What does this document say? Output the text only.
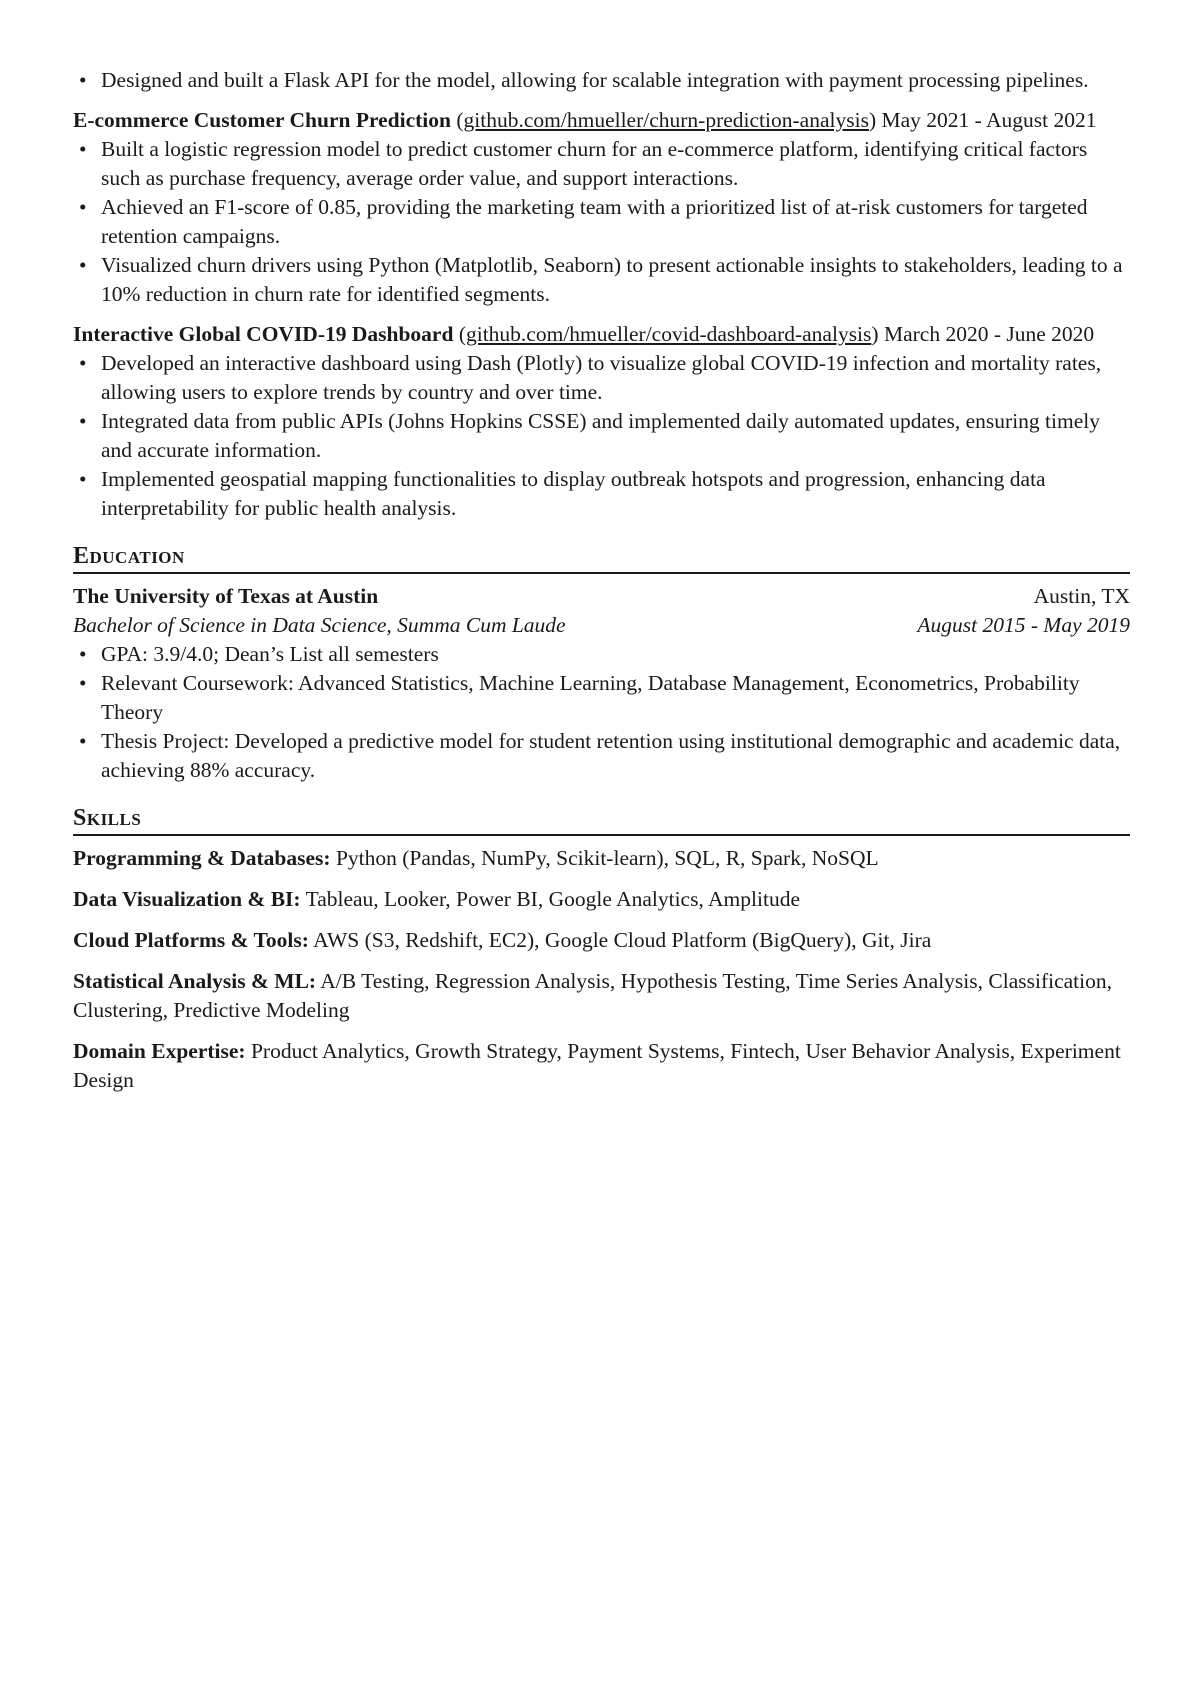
• Designed and built a Flask API for the model, allowing for scalable integration with payment processing pipelines.
E-commerce Customer Churn Prediction (github.com/hmueller/churn-prediction-analysis) May 2021 - August 2021
• Built a logistic regression model to predict customer churn for an e-commerce platform, identifying critical factors such as purchase frequency, average order value, and support interactions.
• Achieved an F1-score of 0.85, providing the marketing team with a prioritized list of at-risk customers for targeted retention campaigns.
• Visualized churn drivers using Python (Matplotlib, Seaborn) to present actionable insights to stakeholders, leading to a 10% reduction in churn rate for identified segments.
Interactive Global COVID-19 Dashboard (github.com/hmueller/covid-dashboard-analysis) March 2020 - June 2020
• Developed an interactive dashboard using Dash (Plotly) to visualize global COVID-19 infection and mortality rates, allowing users to explore trends by country and over time.
• Integrated data from public APIs (Johns Hopkins CSSE) and implemented daily automated updates, ensuring timely and accurate information.
• Implemented geospatial mapping functionalities to display outbreak hotspots and progression, enhancing data interpretability for public health analysis.
Education
The University of Texas at Austin	Austin, TX
Bachelor of Science in Data Science, Summa Cum Laude	August 2015 - May 2019
• GPA: 3.9/4.0; Dean’s List all semesters
• Relevant Coursework: Advanced Statistics, Machine Learning, Database Management, Econometrics, Probability Theory
• Thesis Project: Developed a predictive model for student retention using institutional demographic and academic data, achieving 88% accuracy.
Skills
Programming & Databases: Python (Pandas, NumPy, Scikit-learn), SQL, R, Spark, NoSQL
Data Visualization & BI: Tableau, Looker, Power BI, Google Analytics, Amplitude
Cloud Platforms & Tools: AWS (S3, Redshift, EC2), Google Cloud Platform (BigQuery), Git, Jira
Statistical Analysis & ML: A/B Testing, Regression Analysis, Hypothesis Testing, Time Series Analysis, Classification, Clustering, Predictive Modeling
Domain Expertise: Product Analytics, Growth Strategy, Payment Systems, Fintech, User Behavior Analysis, Experiment Design
